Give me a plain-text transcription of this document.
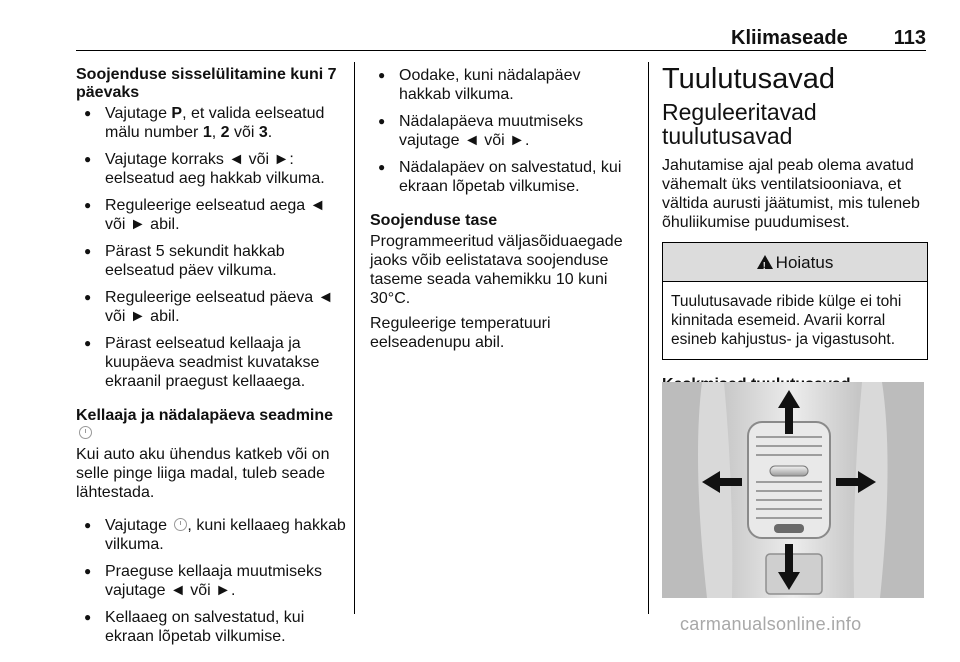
Kliimaseade 113
Soojenduse sisselülitamine kuni 7 päevaks
● Vajutage P, et valida eelseatud mälu number 1, 2 või 3.
● Vajutage korraks ◄ või ►: eelseatud aeg hakkab vilkuma.
● Reguleerige eelseatud aega ◄ või ► abil.
● Pärast 5 sekundit hakkab eelseatud päev vilkuma.
● Reguleerige eelseatud päeva ◄ või ► abil.
● Pärast eelseatud kellaaja ja kuupäeva seadmist kuvatakse ekraanil praegust kellaaega.
Kellaaja ja nädalapäeva seadmine

Kui auto aku ühendus katkeb või on selle pinge liiga madal, tuleb seade lähtestada.

● Vajutage , kuni kellaaeg hakkab vilkuma.
● Praeguse kellaaja muutmiseks vajutage ◄ või ►.
● Kellaaeg on salvestatud, kui ekraan lõpetab vilkumise.
● Oodake, kuni nädalapäev hakkab vilkuma.
● Nädalapäeva muutmiseks vajutage ◄ või ►.
● Nädalapäev on salvestatud, kui ekraan lõpetab vilkumise.
Soojenduse tase

Programmeeritud väljasõiduaegade jaoks võib eelistatava soojenduse taseme seada vahemikku 10 kuni 30°C.

Reguleerige temperatuuri eelseadenupu abil.

Tuulutusavad
Reguleeritavad tuulutusavad

Jahutamise ajal peab olema avatud vähemalt üks ventilatsiooniava, et vältida aurusti jäätumist, mis tuleneb õhuliikumise puudumisest.

!
Hoiatus
Tuulutusavade ribide külge ei tohi kinnitada esemeid. Avarii korral esineb kahjustus- ja vigastusoht.
carmanualsonline.info
